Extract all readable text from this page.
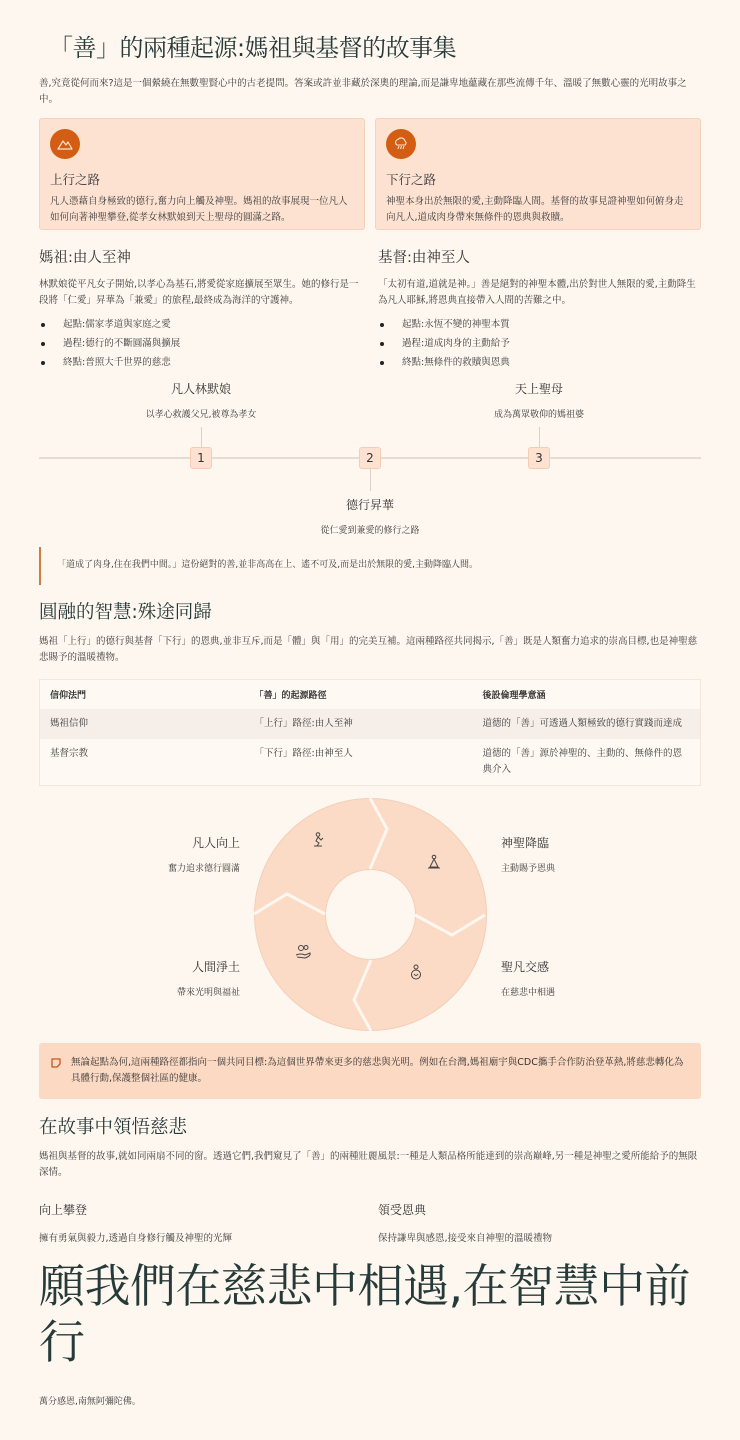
「善」的兩種起源:媽祖與基督的故事集

善,究竟從何而來?這是一個縈繞在無數聖賢心中的古老提問。答案或許並非藏於深奧的理論,而是謙卑地蘊藏在那些流傳千年、溫暖了無數心靈的光明故事之中。

上行之路
凡人憑藉自身極致的德行,奮力向上觸及神聖。媽祖的故事展現一位凡人如何向著神聖攀登,從孝女林默娘到天上聖母的圓滿之路。
下行之路
神聖本身出於無限的愛,主動降臨人間。基督的故事見證神聖如何俯身走向凡人,道成肉身帶來無條件的恩典與救贖。
媽祖:由人至神

林默娘從平凡女子開始,以孝心為基石,將愛從家庭擴展至眾生。她的修行是一段將「仁愛」昇華為「兼愛」的旅程,最終成為海洋的守護神。

起點:儒家孝道與家庭之愛
過程:德行的不斷圓滿與擴展
終點:普照大千世界的慈悲
基督:由神至人

「太初有道,道就是神。」善是絕對的神聖本體,出於對世人無限的愛,主動降生為凡人耶穌,將恩典直接帶入人間的苦難之中。

起點:永恆不變的神聖本質
過程:道成肉身的主動給予
終點:無條件的救贖與恩典
凡人林默娘
以孝心救護父兄,被尊為孝女
1	2
德行昇華
從仁愛到兼愛的修行之路
天上聖母
成為萬眾敬仰的媽祖婆
3
「道成了肉身,住在我們中間。」這份絕對的善,並非高高在上、遙不可及,而是出於無限的愛,主動降臨人間。
圓融的智慧:殊途同歸

媽祖「上行」的德行與基督「下行」的恩典,並非互斥,而是「體」與「用」的完美互補。這兩種路徑共同揭示,「善」既是人類奮力追求的崇高目標,也是神聖慈悲賜予的溫暖禮物。

信仰法門	「善」的起源路徑	後設倫理學意涵
媽祖信仰	「上行」路徑:由人至神	道德的「善」可透過人類極致的德行實踐而達成
基督宗教	「下行」路徑:由神至人	道德的「善」源於神聖的、主動的、無條件的恩典介入
凡人向上
奮力追求德行圓滿
神聖降臨
主動賜予恩典
聖凡交感
在慈悲中相遇
人間淨土
帶來光明與福祉
無論起點為何,這兩種路徑都指向一個共同目標:為這個世界帶來更多的慈悲與光明。例如在台灣,媽祖廟宇與CDC攜手合作防治登革熱,將慈悲轉化為具體行動,保護整個社區的健康。
在故事中領悟慈悲

媽祖與基督的故事,就如同兩扇不同的窗。透過它們,我們窺見了「善」的兩種壯麗風景:一種是人類品格所能達到的崇高巔峰,另一種是神聖之愛所能給予的無限深情。

向上攀登
擁有勇氣與毅力,透過自身修行觸及神聖的光輝
領受恩典
保持謙卑與感恩,接受來自神聖的溫暖禮物
願我們在慈悲中相遇,在智慧中前行
萬分感恩,南無阿彌陀佛。
